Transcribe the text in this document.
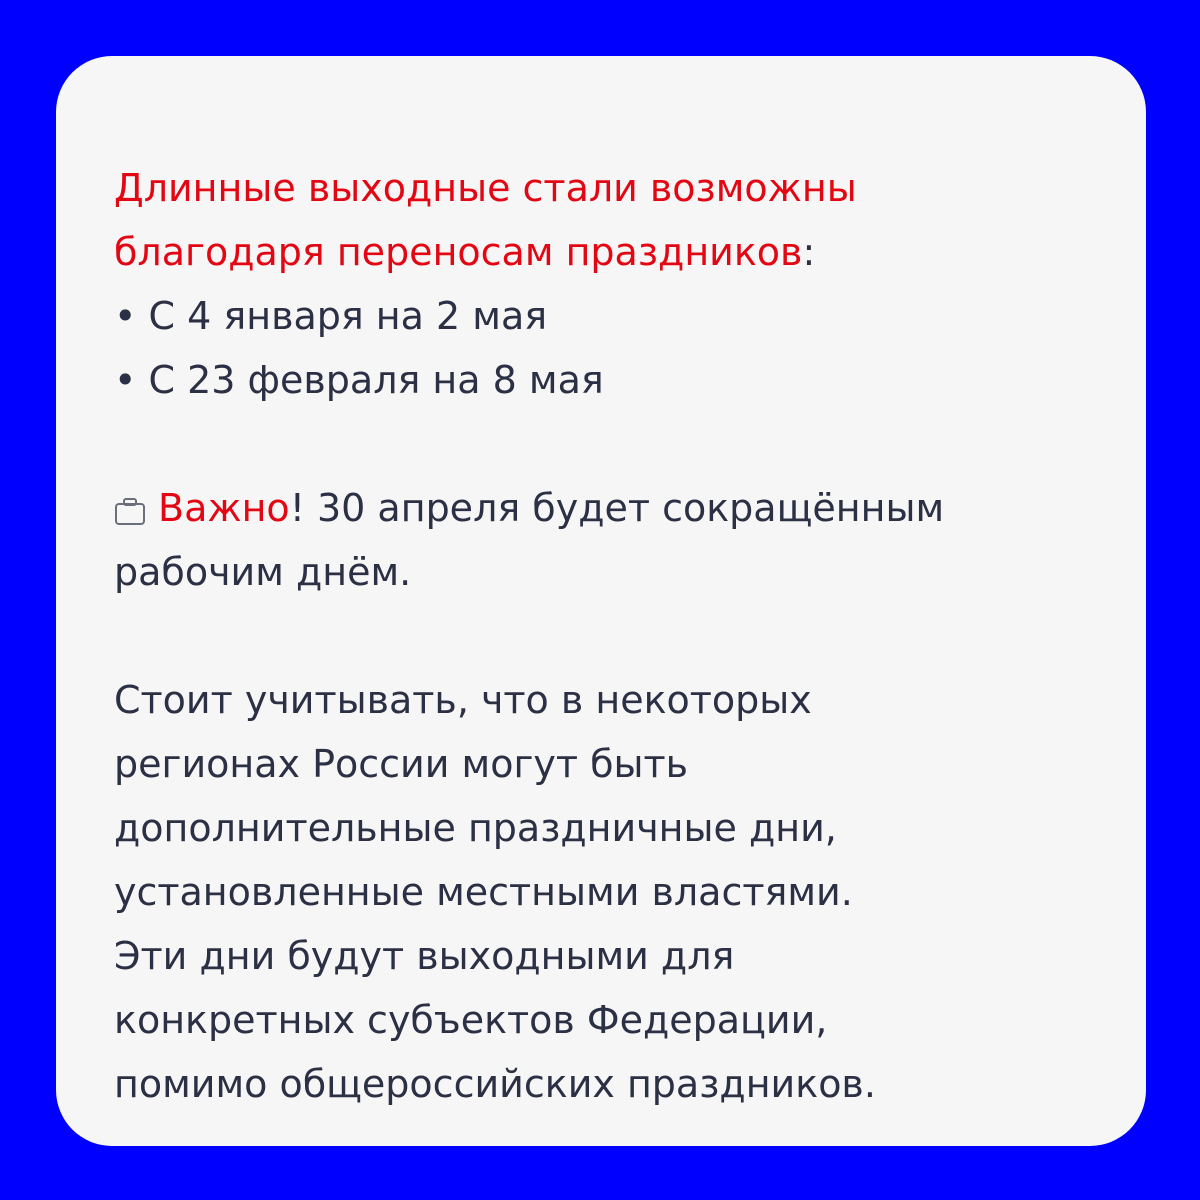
Длинные выходные стали возможны
благодаря переносам праздников:
• С 4 января на 2 мая
• С 23 февраля на 8 мая
Важно! 30 апреля будет сокращённым
рабочим днём.
Стоит учитывать, что в некоторых
регионах России могут быть
дополнительные праздничные дни,
установленные местными властями.
Эти дни будут выходными для
конкретных субъектов Федерации,
помимо общероссийских праздников.
